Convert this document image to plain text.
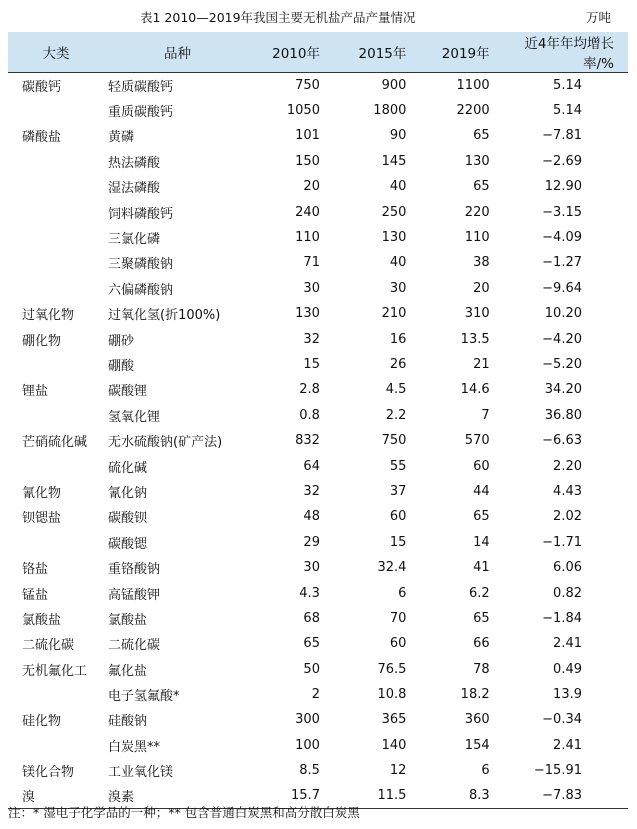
表1 2010—2019年我国主要无机盐产品产量情况	万吨
大类	品种	2010年	2015年	2019年	近4年年均增长率/%
碳酸钙	轻质碳酸钙	750	900	1100	5.14
	重质碳酸钙	1050	1800	2200	5.14
磷酸盐	黄磷	101	90	65	−7.81
	热法磷酸	150	145	130	−2.69
	湿法磷酸	20	40	65	12.90
	饲料磷酸钙	240	250	220	−3.15
	三氯化磷	110	130	110	−4.09
	三聚磷酸钠	71	40	38	−1.27
	六偏磷酸钠	30	30	20	−9.64
过氧化物	过氧化氢(折100%)	130	210	310	10.20
硼化物	硼砂	32	16	13.5	−4.20
	硼酸	15	26	21	−5.20
锂盐	碳酸锂	2.8	4.5	14.6	34.20
	氢氧化锂	0.8	2.2	7	36.80
芒硝硫化碱	无水硫酸钠(矿产法)	832	750	570	−6.63
	硫化碱	64	55	60	2.20
氰化物	氰化钠	32	37	44	4.43
钡锶盐	碳酸钡	48	60	65	2.02
	碳酸锶	29	15	14	−1.71
铬盐	重铬酸钠	30	32.4	41	6.06
锰盐	高锰酸钾	4.3	6	6.2	0.82
氯酸盐	氯酸盐	68	70	65	−1.84
二硫化碳	二硫化碳	65	60	66	2.41
无机氟化工	氟化盐	50	76.5	78	0.49
	电子氢氟酸*	2	10.8	18.2	13.9
硅化物	硅酸钠	300	365	360	−0.34
	白炭黑**	100	140	154	2.41
镁化合物	工业氧化镁	8.5	12	6	−15.91
溴	溴素	15.7	11.5	8.3	−7.83
注：* 湿电子化学品的一种；** 包含普通白炭黑和高分散白炭黑
